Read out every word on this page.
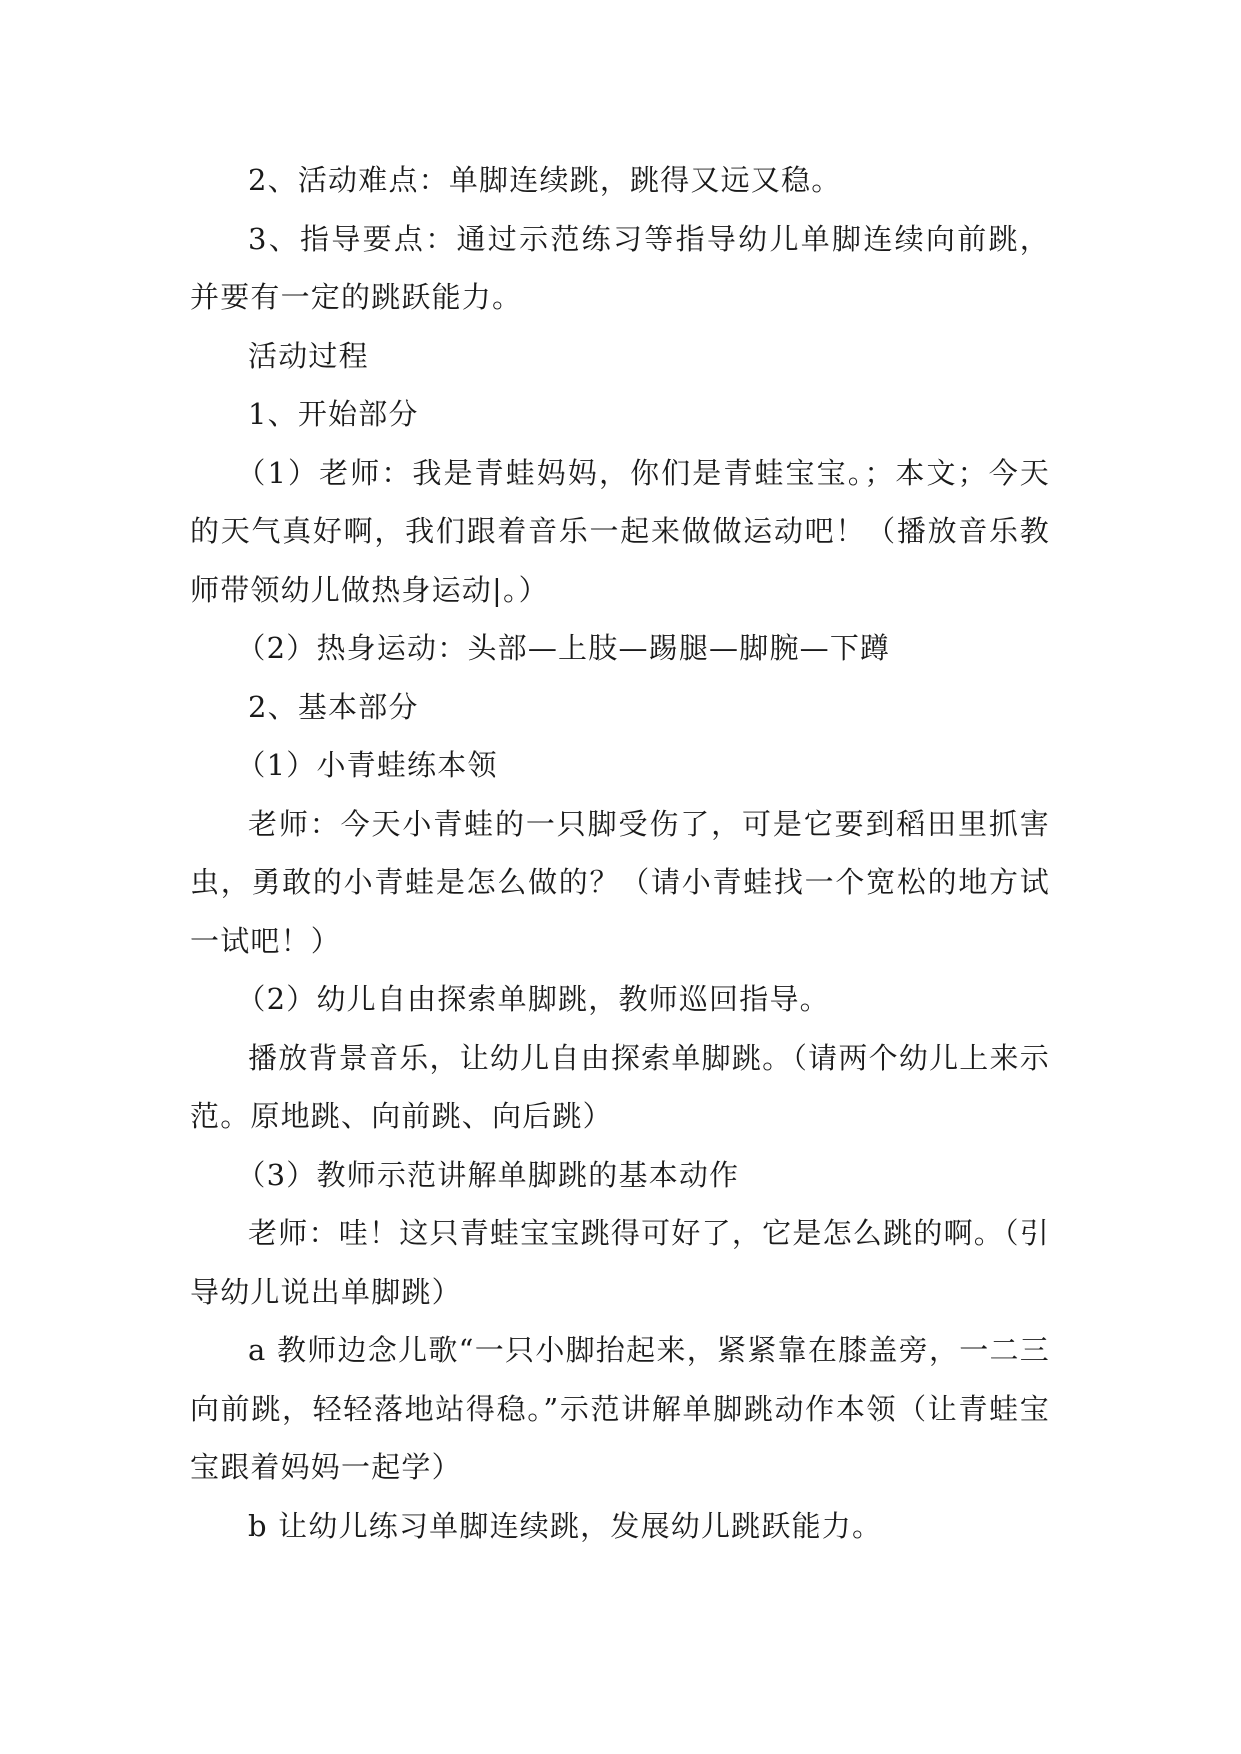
2、活动难点：单脚连续跳，跳得又远又稳。

3、指导要点：通过示范练习等指导幼儿单脚连续向前跳，并要有一定的跳跃能力。

活动过程

1、开始部分

（1）老师：我是青蛙妈妈，你们是青蛙宝宝。；本文；今天的天气真好啊，我们跟着音乐一起来做做运动吧！（播放音乐教师带领幼儿做热身运动|。）

（2）热身运动：头部—上肢—踢腿—脚腕—下蹲

2、基本部分

（1）小青蛙练本领

老师：今天小青蛙的一只脚受伤了，可是它要到稻田里抓害虫，勇敢的小青蛙是怎么做的？（请小青蛙找一个宽松的地方试一试吧！）

（2）幼儿自由探索单脚跳，教师巡回指导。

播放背景音乐，让幼儿自由探索单脚跳。（请两个幼儿上来示范。原地跳、向前跳、向后跳）

（3）教师示范讲解单脚跳的基本动作

老师：哇！这只青蛙宝宝跳得可好了，它是怎么跳的啊。（引导幼儿说出单脚跳）

a 教师边念儿歌“一只小脚抬起来，紧紧靠在膝盖旁，一二三向前跳，轻轻落地站得稳。”示范讲解单脚跳动作本领（让青蛙宝宝跟着妈妈一起学）

b 让幼儿练习单脚连续跳，发展幼儿跳跃能力。
